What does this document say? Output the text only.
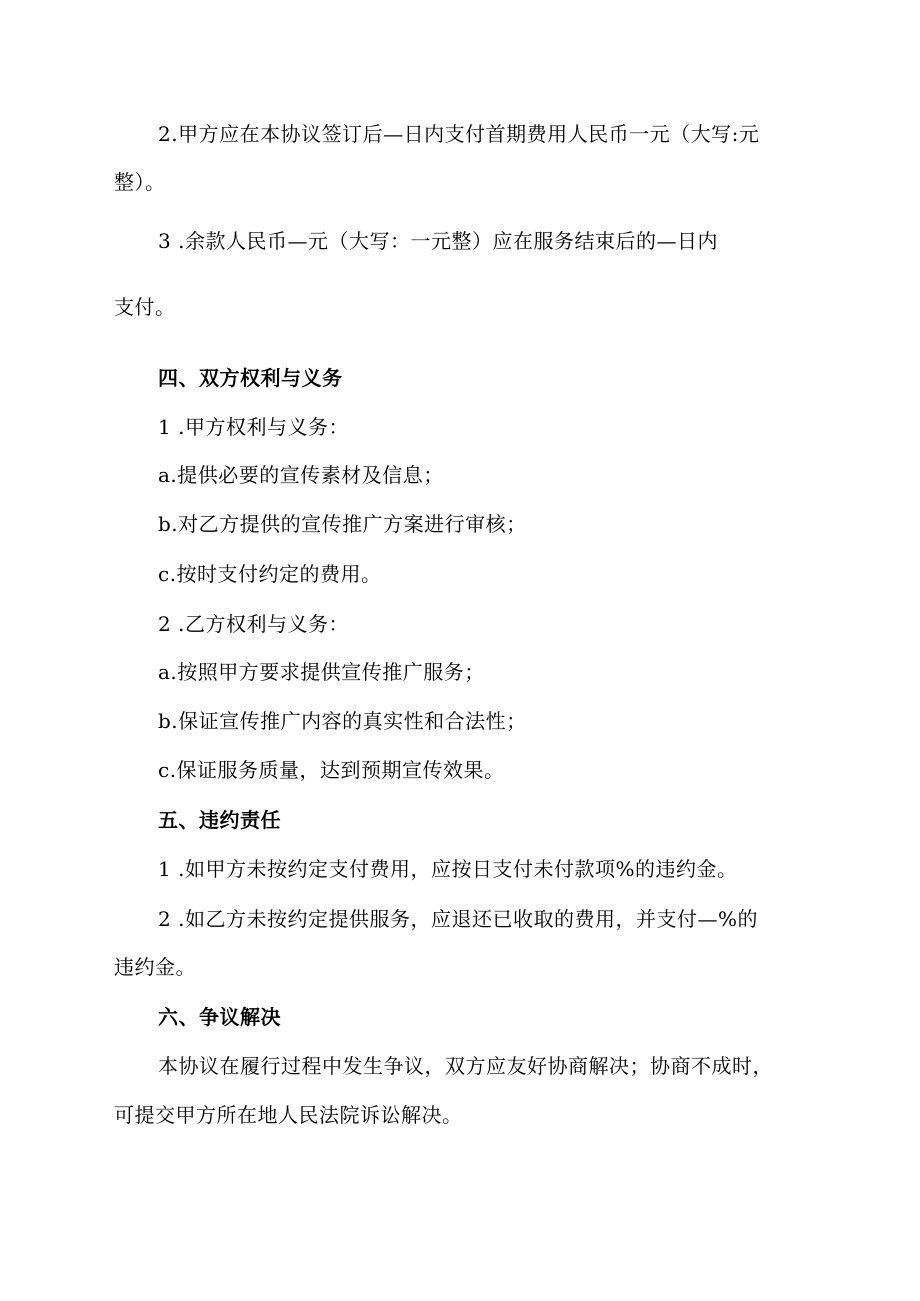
2.甲方应在本协议签订后—日内支付首期费用人民币一元（大写:元
整）。
3 .余款人民币—元（大写：一元整）应在服务结束后的—日内
支付。
四、双方权利与义务
1 .甲方权利与义务：
a.提供必要的宣传素材及信息；
b.对乙方提供的宣传推广方案进行审核；
c.按时支付约定的费用。
2 .乙方权利与义务：
a.按照甲方要求提供宣传推广服务；
b.保证宣传推广内容的真实性和合法性；
c.保证服务质量，达到预期宣传效果。
五、违约责任
1 .如甲方未按约定支付费用，应按日支付未付款项%的违约金。
2 .如乙方未按约定提供服务，应退还已收取的费用，并支付—%的
违约金。
六、争议解决
本协议在履行过程中发生争议，双方应友好协商解决；协商不成时，
可提交甲方所在地人民法院诉讼解决。
